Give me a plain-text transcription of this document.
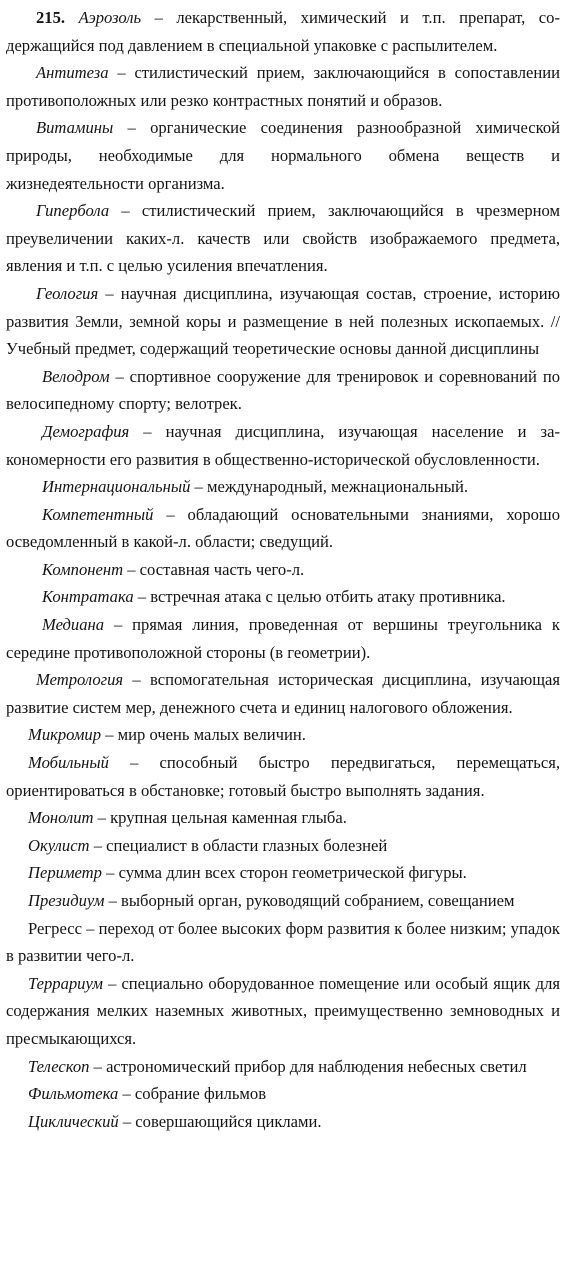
215. Аэрозоль – лекарственный, химический и т.п. препарат, содержащийся под давлением в специальной упаковке с распылителем.

Антитеза – стилистический прием, заключающийся в сопоставлении противоположных или резко контрастных понятий и образов.

Витамины – органические соединения разнообразной химической природы, необходимые для нормального обмена веществ и жизнедеятельности организма.

Гипербола – стилистический прием, заключающийся в чрезмерном преувеличении каких-л. качеств или свойств изображаемого предмета, явления и т.п. с целью усиления впечатления.

Геология – научная дисциплина, изучающая состав, строение, историю развития Земли, земной коры и размещение в ней полезных ископаемых. // Учебный предмет, содержащий теоретические основы данной дисциплины

Велодром – спортивное сооружение для тренировок и соревнований по велосипедному спорту; велотрек.

Демография – научная дисциплина, изучающая население и закономерности его развития в общественно-исторической обусловленности.

Интернациональный – международный, межнациональный.

Компетентный – обладающий основательными знаниями, хорошо осведомленный в какой-л. области; сведущий.

Компонент – составная часть чего-л.

Контратака – встречная атака с целью отбить атаку противника.

Медиана – прямая линия, проведенная от вершины треугольника к середине противоположной стороны (в геометрии).

Метрология – вспомогательная историческая дисциплина, изучающая развитие систем мер, денежного счета и единиц налогового обложения.

Микромир – мир очень малых величин.

Мобильный – способный быстро передвигаться, перемещаться, ориентироваться в обстановке; готовый быстро выполнять задания.

Монолит – крупная цельная каменная глыба.

Окулист – специалист в области глазных болезней

Периметр – сумма длин всех сторон геометрической фигуры.

Президиум – выборный орган, руководящий собранием, совещанием

Регресс – переход от более высоких форм развития к более низким; упадок в развитии чего-л.

Террариум – специально оборудованное помещение или особый ящик для содержания мелких наземных животных, преимущественно земноводных и пресмыкающихся.

Телескоп – астрономический прибор для наблюдения небесных светил

Фильмотека – собрание фильмов

Циклический – совершающийся циклами.
